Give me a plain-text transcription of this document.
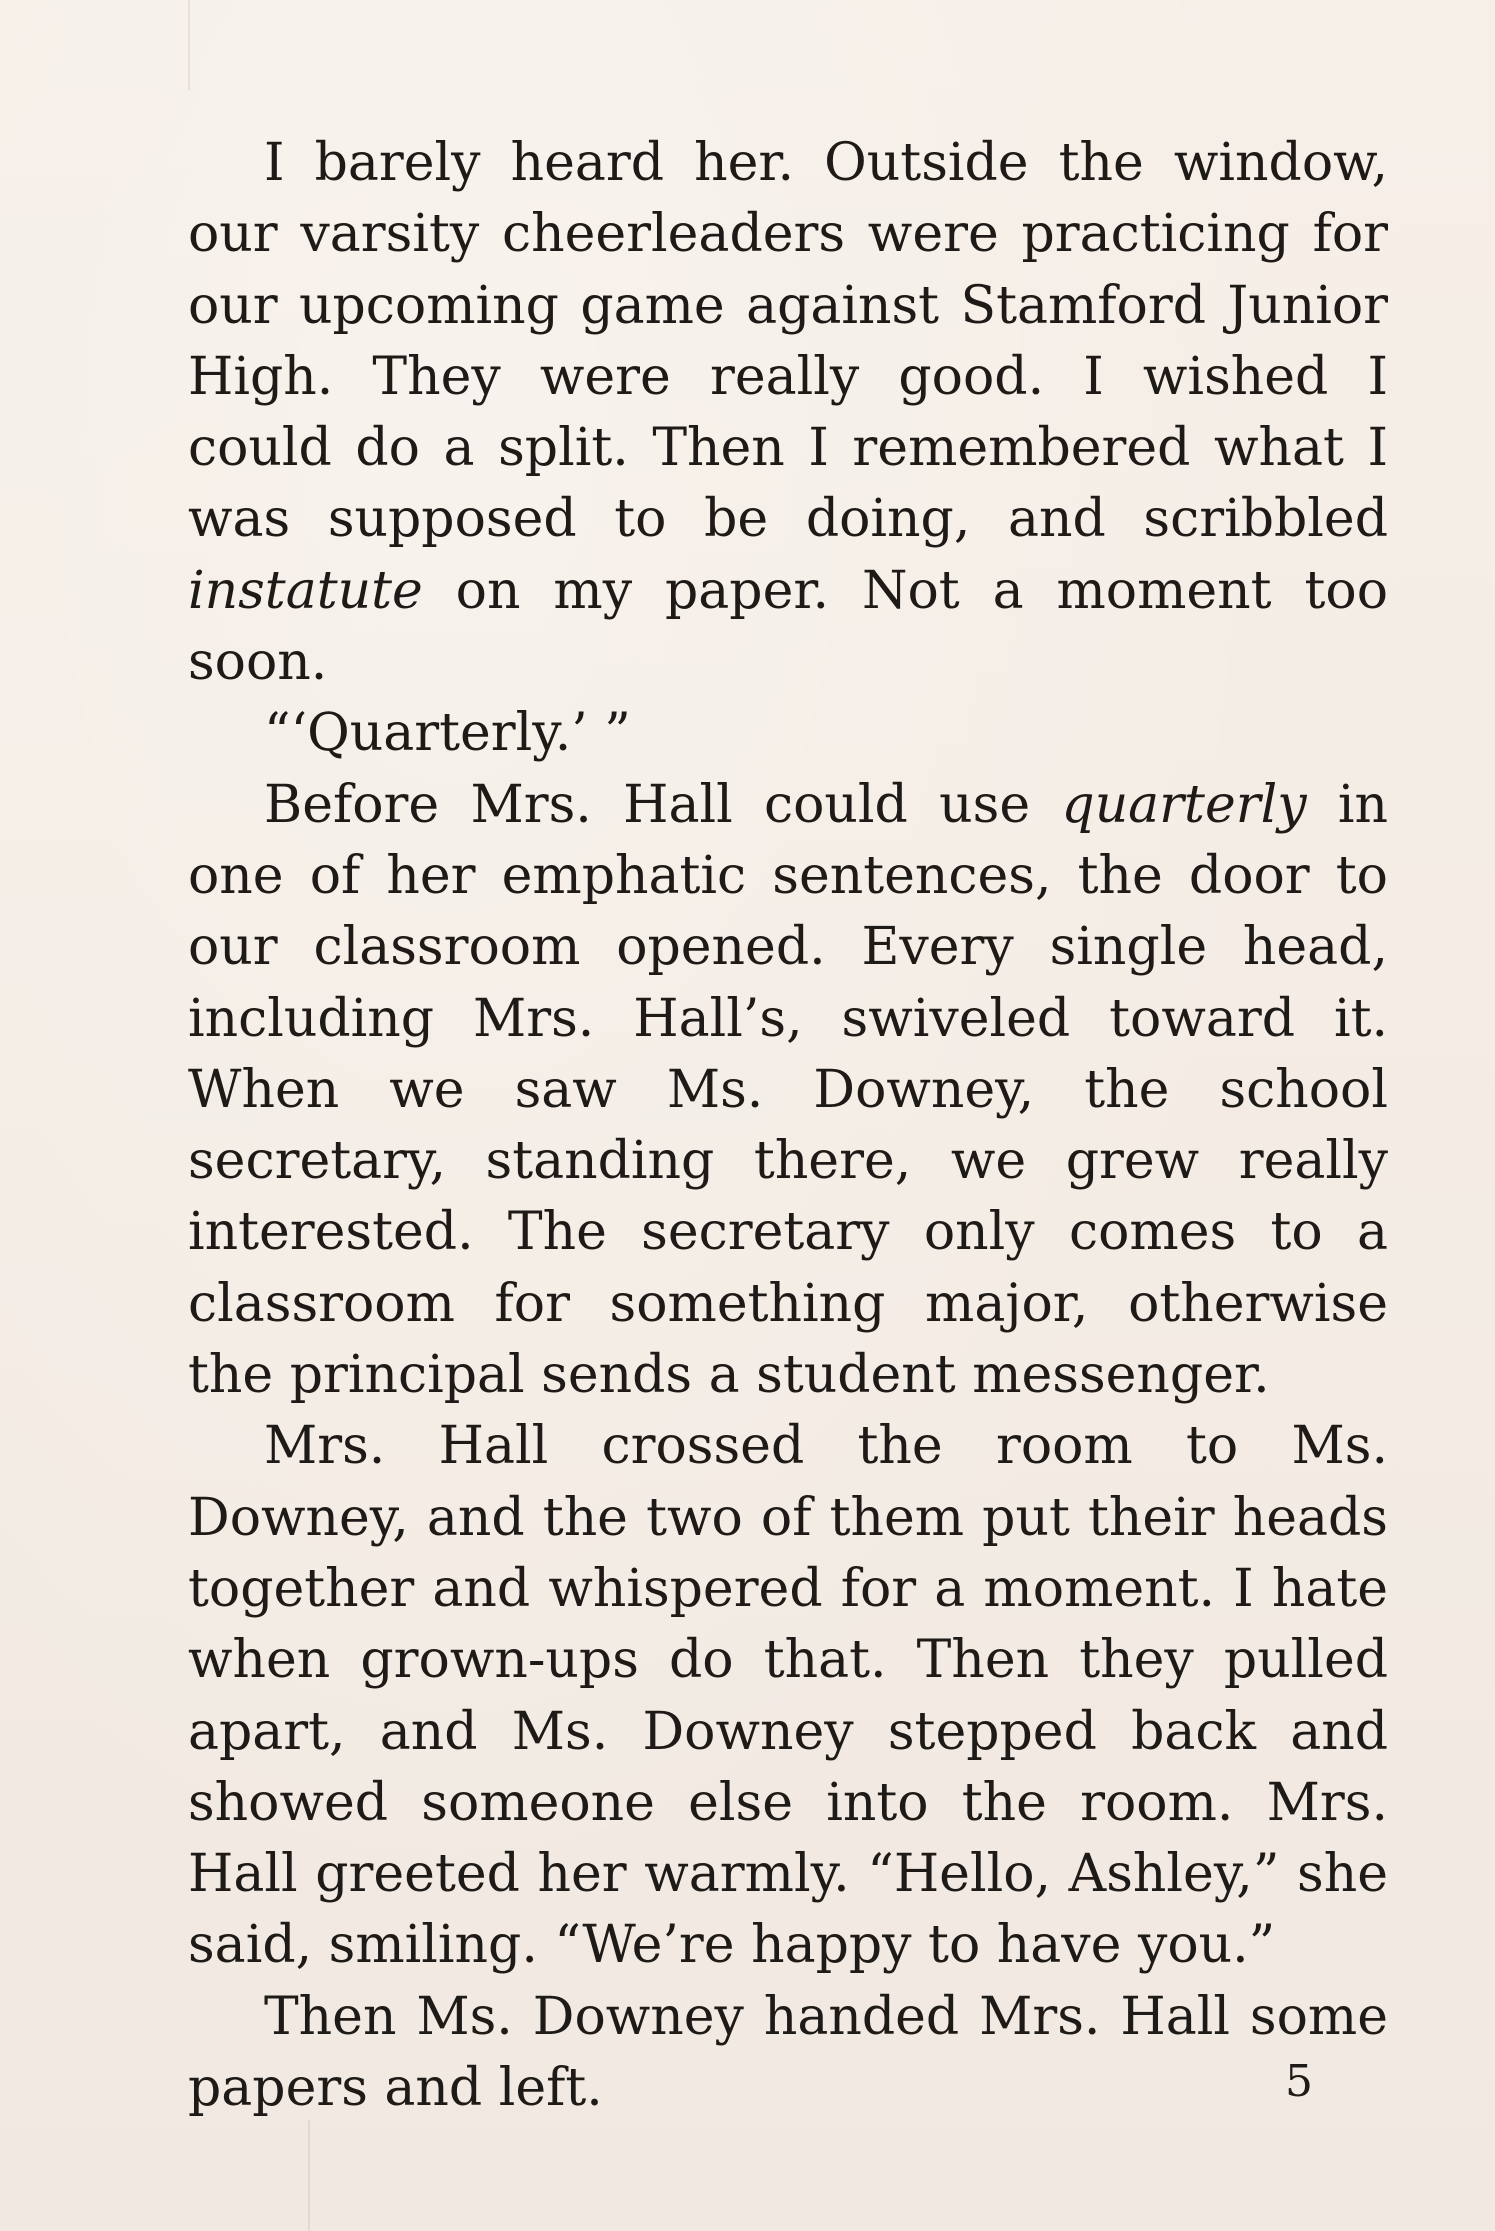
I barely heard her. Outside the window, our varsity cheerleaders were practicing for our upcoming game against Stamford Junior High. They were really good. I wished I could do a split. Then I remembered what I was supposed to be doing, and scribbled instatute on my paper. Not a moment too soon.

“‘Quarterly.’ ”

Before Mrs. Hall could use quarterly in one of her emphatic sentences, the door to our classroom opened. Every single head, including Mrs. Hall’s, swiveled toward it. When we saw Ms. Downey, the school secretary, standing there, we grew really interested. The secretary only comes to a classroom for something major, otherwise the principal sends a student messenger.

Mrs. Hall crossed the room to Ms. Downey, and the two of them put their heads together and whispered for a moment. I hate when grown-ups do that. Then they pulled apart, and Ms. Downey stepped back and showed someone else into the room. Mrs. Hall greeted her warmly. “Hello, Ashley,” she said, smiling. “We’re happy to have you.”

Then Ms. Downey handed Mrs. Hall some papers and left.	5
